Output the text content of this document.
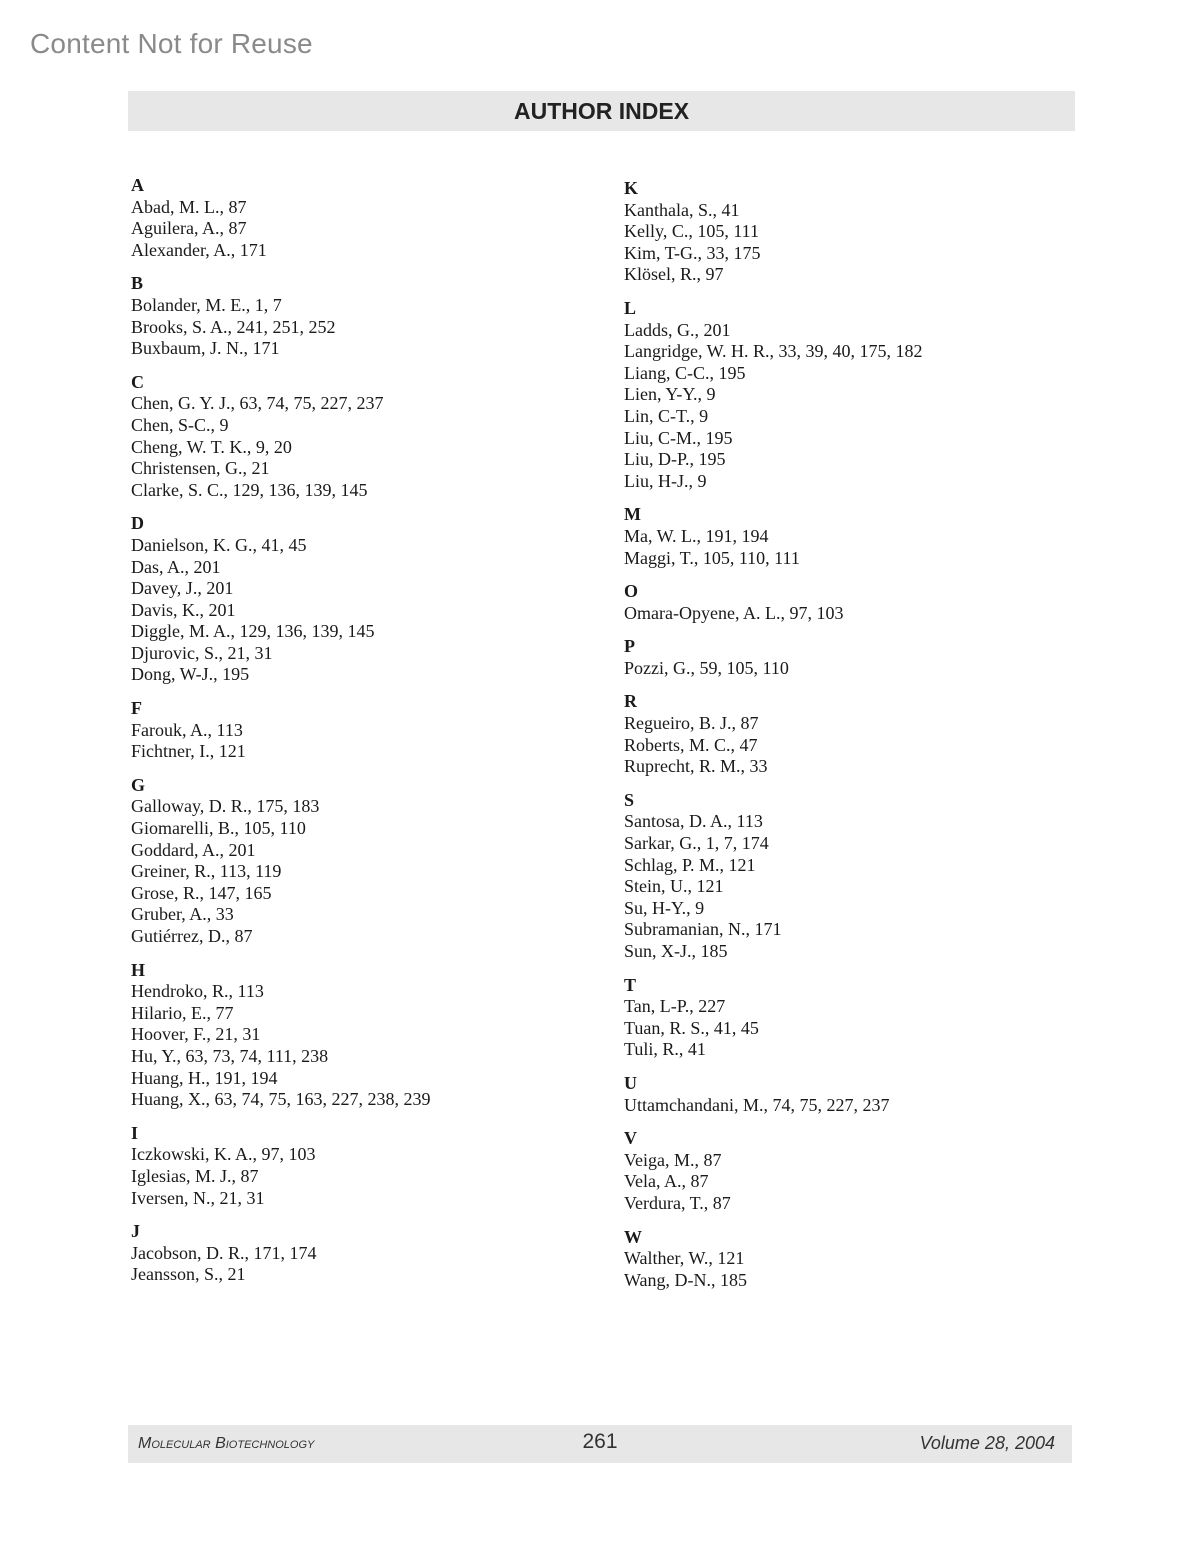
Content Not for Reuse
AUTHOR INDEX
A
Abad, M. L., 87
Aguilera, A., 87
Alexander, A., 171
B
Bolander, M. E., 1, 7
Brooks, S. A., 241, 251, 252
Buxbaum, J. N., 171
C
Chen, G. Y. J., 63, 74, 75, 227, 237
Chen, S-C., 9
Cheng, W. T. K., 9, 20
Christensen, G., 21
Clarke, S. C., 129, 136, 139, 145
D
Danielson, K. G., 41, 45
Das, A., 201
Davey, J., 201
Davis, K., 201
Diggle, M. A., 129, 136, 139, 145
Djurovic, S., 21, 31
Dong, W-J., 195
F
Farouk, A., 113
Fichtner, I., 121
G
Galloway, D. R., 175, 183
Giomarelli, B., 105, 110
Goddard, A., 201
Greiner, R., 113, 119
Grose, R., 147, 165
Gruber, A., 33
Gutiérrez, D., 87
H
Hendroko, R., 113
Hilario, E., 77
Hoover, F., 21, 31
Hu, Y., 63, 73, 74, 111, 238
Huang, H., 191, 194
Huang, X., 63, 74, 75, 163, 227, 238, 239
I
Iczkowski, K. A., 97, 103
Iglesias, M. J., 87
Iversen, N., 21, 31
J
Jacobson, D. R., 171, 174
Jeansson, S., 21
K
Kanthala, S., 41
Kelly, C., 105, 111
Kim, T-G., 33, 175
Klösel, R., 97
L
Ladds, G., 201
Langridge, W. H. R., 33, 39, 40, 175, 182
Liang, C-C., 195
Lien, Y-Y., 9
Lin, C-T., 9
Liu, C-M., 195
Liu, D-P., 195
Liu, H-J., 9
M
Ma, W. L., 191, 194
Maggi, T., 105, 110, 111
O
Omara-Opyene, A. L., 97, 103
P
Pozzi, G., 59, 105, 110
R
Regueiro, B. J., 87
Roberts, M. C., 47
Ruprecht, R. M., 33
S
Santosa, D. A., 113
Sarkar, G., 1, 7, 174
Schlag, P. M., 121
Stein, U., 121
Su, H-Y., 9
Subramanian, N., 171
Sun, X-J., 185
T
Tan, L-P., 227
Tuan, R. S., 41, 45
Tuli, R., 41
U
Uttamchandani, M., 74, 75, 227, 237
V
Veiga, M., 87
Vela, A., 87
Verdura, T., 87
W
Walther, W., 121
Wang, D-N., 185
Molecular Biotechnology	261	Volume 28, 2004
